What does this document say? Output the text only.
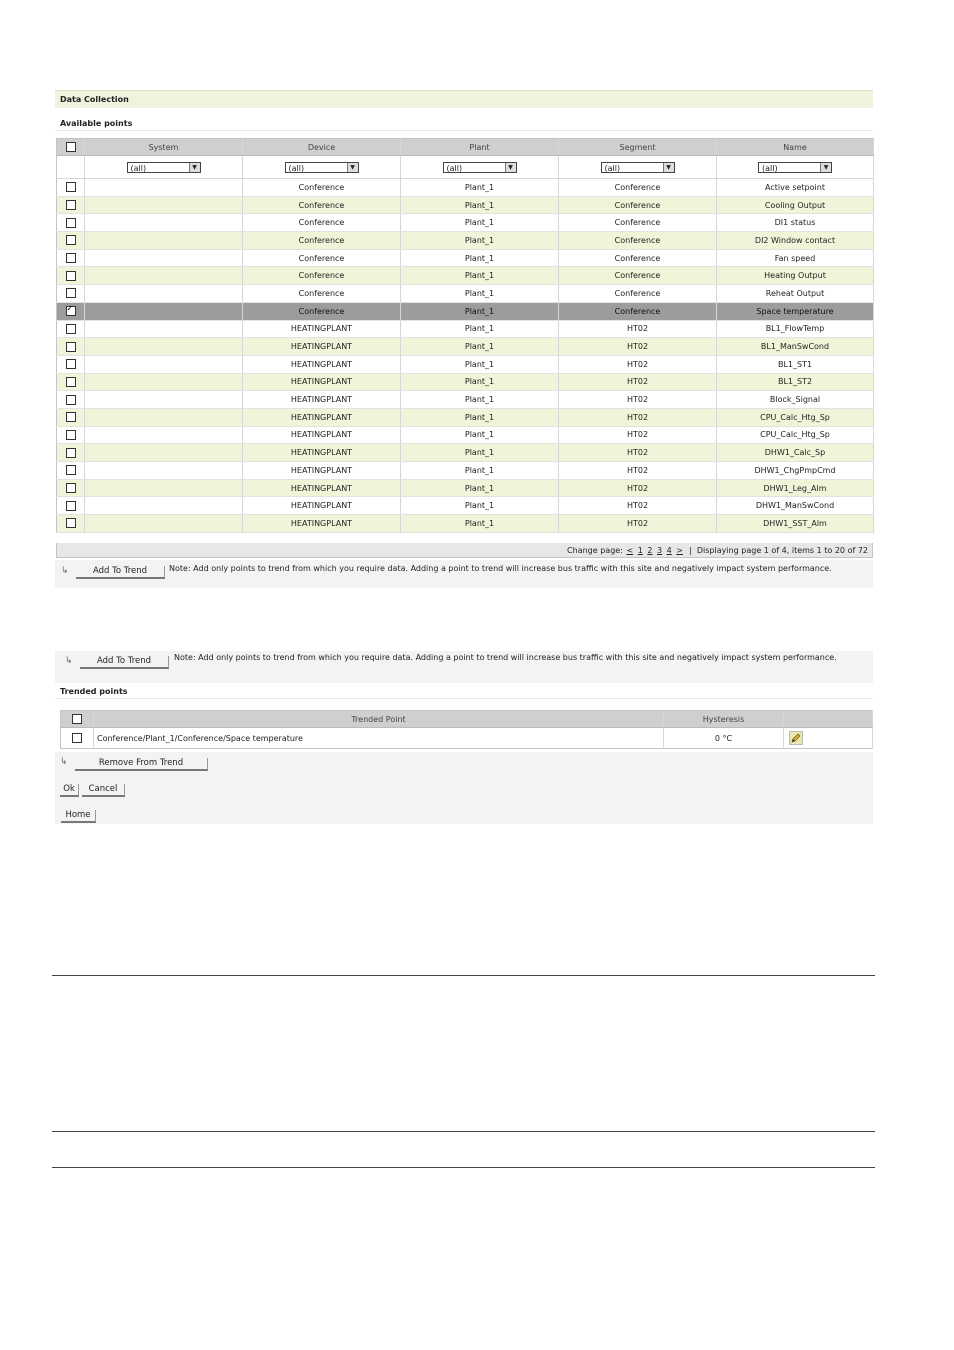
Data Collection
Available points
	System	Device	Plant	Segment	Name
	(all) ▼	(all) ▼	(all) ▼	(all) ▼	(all) ▼

		Conference	Plant_1	Conference	Active setpoint
		Conference	Plant_1	Conference	Cooling Output
		Conference	Plant_1	Conference	DI1 status
		Conference	Plant_1	Conference	DI2 Window contact
		Conference	Plant_1	Conference	Fan speed
		Conference	Plant_1	Conference	Heating Output
		Conference	Plant_1	Conference	Reheat Output
✓		Conference	Plant_1	Conference	Space temperature
		HEATINGPLANT	Plant_1	HT02	BL1_FlowTemp
		HEATINGPLANT	Plant_1	HT02	BL1_ManSwCond
		HEATINGPLANT	Plant_1	HT02	BL1_ST1
		HEATINGPLANT	Plant_1	HT02	BL1_ST2
		HEATINGPLANT	Plant_1	HT02	Block_Signal
		HEATINGPLANT	Plant_1	HT02	CPU_Calc_Htg_Sp
		HEATINGPLANT	Plant_1	HT02	CPU_Calc_Htg_Sp
		HEATINGPLANT	Plant_1	HT02	DHW1_Calc_Sp
		HEATINGPLANT	Plant_1	HT02	DHW1_ChgPmpCmd
		HEATINGPLANT	Plant_1	HT02	DHW1_Leg_Alm
		HEATINGPLANT	Plant_1	HT02	DHW1_ManSwCond
		HEATINGPLANT	Plant_1	HT02	DHW1_SST_Alm
Change page: < 1 2 3 4 > | Displaying page 1 of 4, items 1 to 20 of 72
↳	Add To Trend	Note: Add only points to trend from which you require data. Adding a point to trend will increase bus traffic with this site and negatively impact system performance.
↳	Add To Trend	Note: Add only points to trend from which you require data. Adding a point to trend will increase bus traffic with this site and negatively impact system performance.
Trended points
	Trended Point	Hysteresis	
	Conference/Plant_1/Conference/Space temperature	0 °C	
↳	Remove From Trend
Ok	Cancel
Home
